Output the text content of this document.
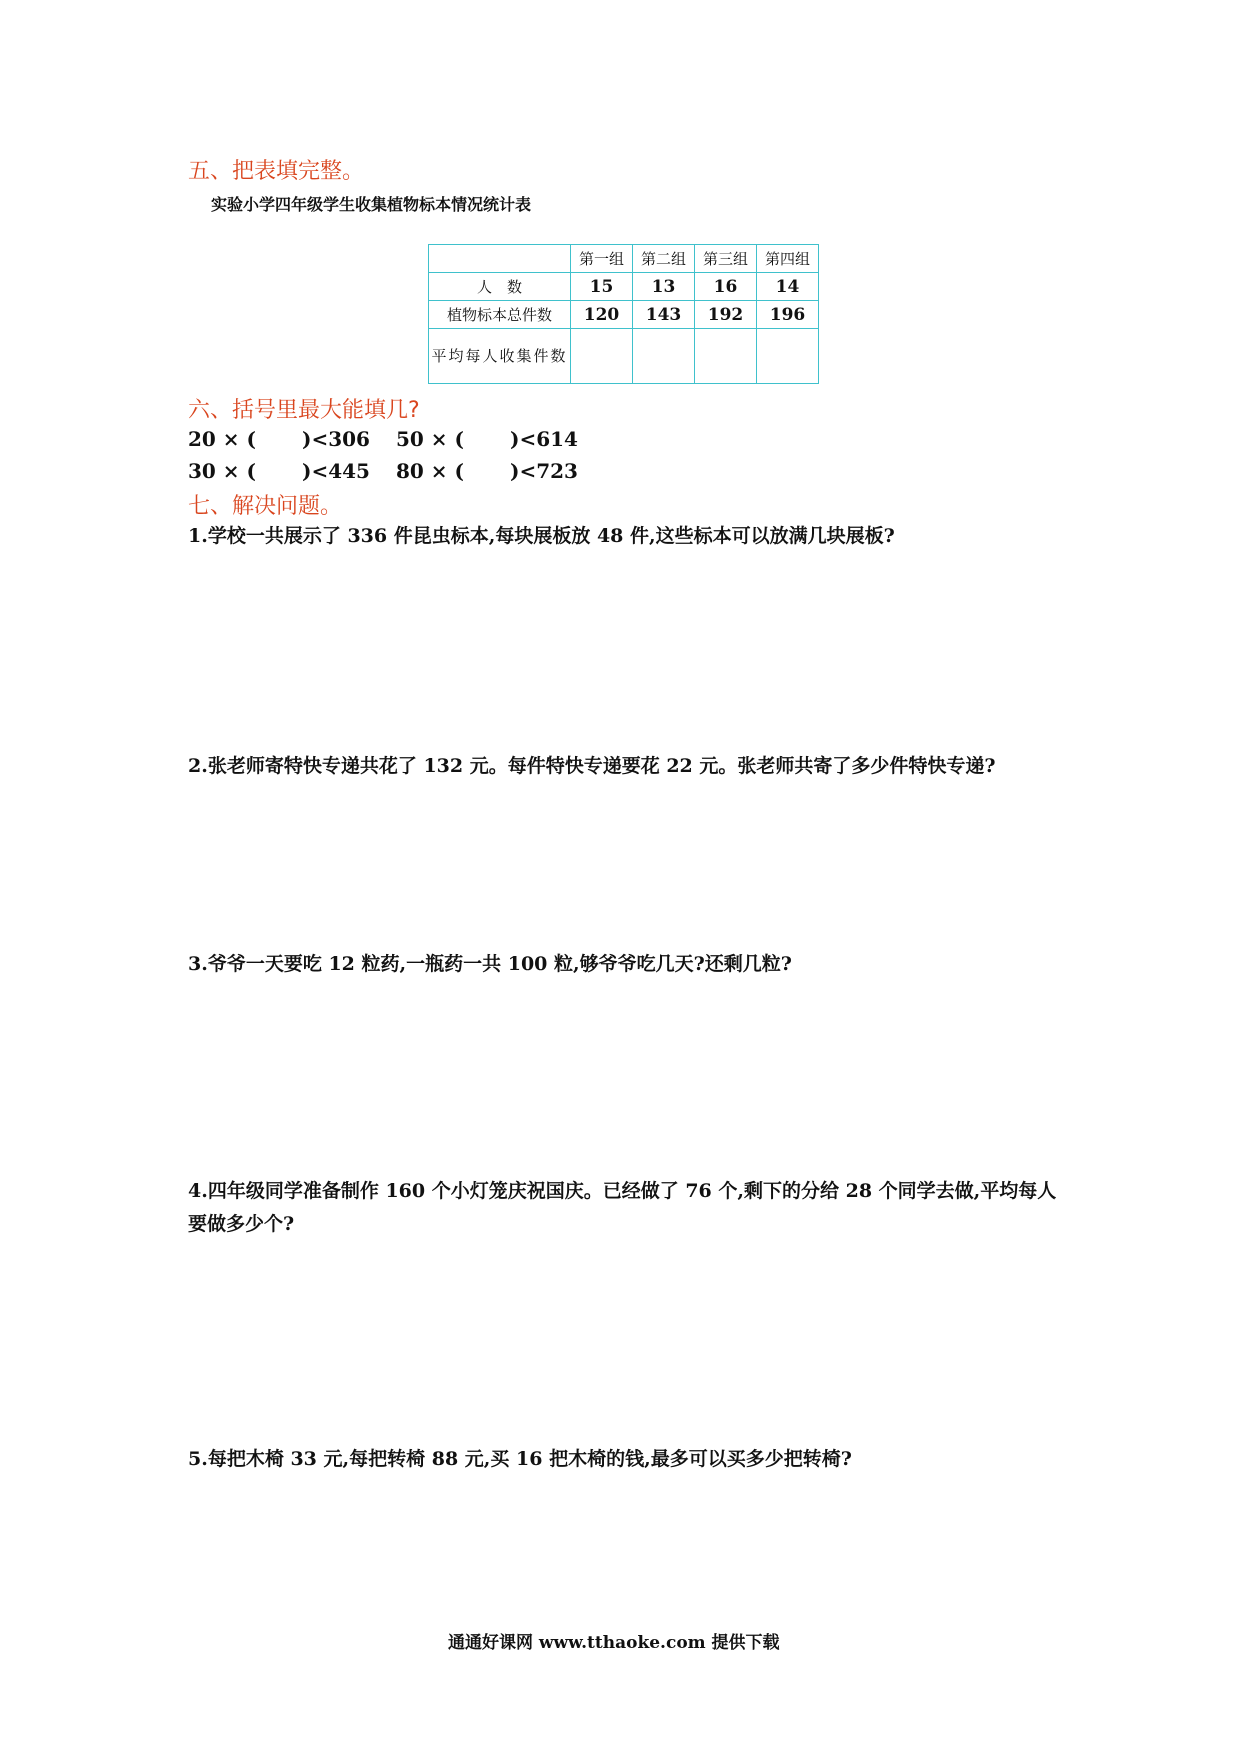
五、把表填完整。
实验小学四年级学生收集植物标本情况统计表
	第一组	第二组	第三组	第四组
人　数	15	13	16	14
植物标本总件数	120	143	192	196
平均每人收集件数				
六、括号里最大能填几?
20 × ( )<306 50 × ( )<614
30 × ( )<445 80 × ( )<723
七、解决问题。
1.学校一共展示了 336 件昆虫标本,每块展板放 48 件,这些标本可以放满几块展板?
2.张老师寄特快专递共花了 132 元。每件特快专递要花 22 元。张老师共寄了多少件特快专递?
3.爷爷一天要吃 12 粒药,一瓶药一共 100 粒,够爷爷吃几天?还剩几粒?
4.四年级同学准备制作 160 个小灯笼庆祝国庆。已经做了 76 个,剩下的分给 28 个同学去做,平均每人要做多少个?
5.每把木椅 33 元,每把转椅 88 元,买 16 把木椅的钱,最多可以买多少把转椅?
通通好课网 www.tthaoke.com 提供下载
